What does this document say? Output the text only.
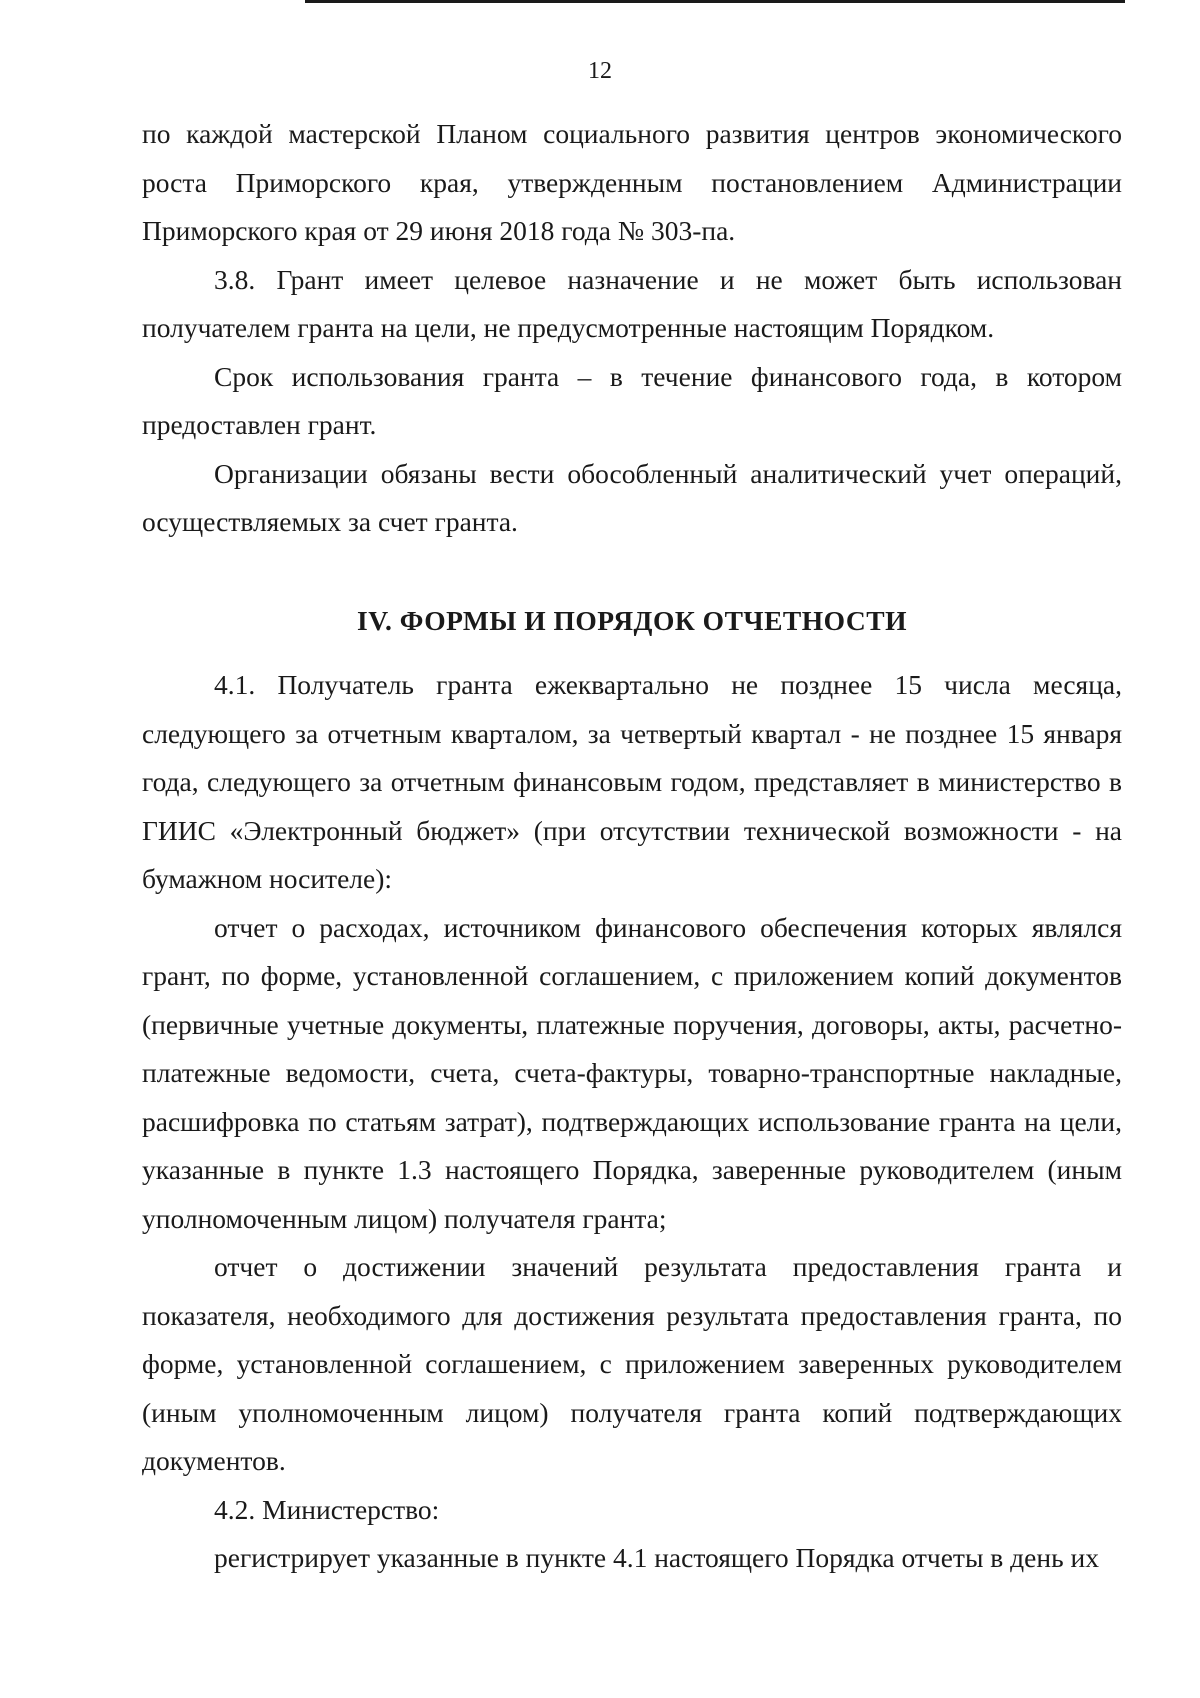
12

по каждой мастерской Планом социального развития центров экономического роста Приморского края, утвержденным постановлением Администрации Приморского края от 29 июня 2018 года № 303-па.

3.8. Грант имеет целевое назначение и не может быть использован получателем гранта на цели, не предусмотренные настоящим Порядком.

Срок использования гранта – в течение финансового года, в котором предоставлен грант.

Организации обязаны вести обособленный аналитический учет операций, осуществляемых за счет гранта.

IV. ФОРМЫ И ПОРЯДОК ОТЧЕТНОСТИ

4.1. Получатель гранта ежеквартально не позднее 15 числа месяца, следующего за отчетным кварталом, за четвертый квартал - не позднее 15 января года, следующего за отчетным финансовым годом, представляет в министерство в ГИИС «Электронный бюджет» (при отсутствии технической возможности - на бумажном носителе):

отчет о расходах, источником финансового обеспечения которых являлся грант, по форме, установленной соглашением, с приложением копий документов (первичные учетные документы, платежные поручения, договоры, акты, расчетно-платежные ведомости, счета, счета-фактуры, товарно-транспортные накладные, расшифровка по статьям затрат), подтверждающих использование гранта на цели, указанные в пункте 1.3 настоящего Порядка, заверенные руководителем (иным уполномоченным лицом) получателя гранта;

отчет о достижении значений результата предоставления гранта и показателя, необходимого для достижения результата предоставления гранта, по форме, установленной соглашением, с приложением заверенных руководителем (иным уполномоченным лицом) получателя гранта копий подтверждающих документов.

4.2. Министерство:

регистрирует указанные в пункте 4.1 настоящего Порядка отчеты в день их
